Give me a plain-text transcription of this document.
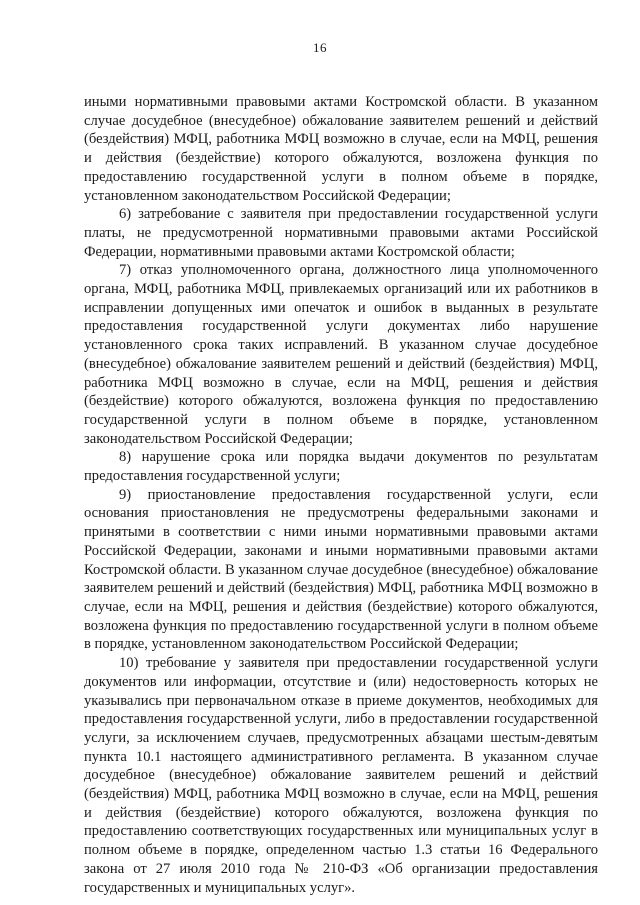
16

иными нормативными правовыми актами Костромской области. В указанном случае досудебное (внесудебное) обжалование заявителем решений и действий (бездействия) МФЦ, работника МФЦ возможно в случае, если на МФЦ, решения и действия (бездействие) которого обжалуются, возложена функция по предоставлению государственной услуги в полном объеме в порядке, установленном законодательством Российской Федерации;

6) затребование с заявителя при предоставлении государственной услуги платы, не предусмотренной нормативными правовыми актами Российской Федерации, нормативными правовыми актами Костромской области;

7) отказ уполномоченного органа, должностного лица уполномоченного органа, МФЦ, работника МФЦ, привлекаемых организаций или их работников в исправлении допущенных ими опечаток и ошибок в выданных в результате предоставления государственной услуги документах либо нарушение установленного срока таких исправлений. В указанном случае досудебное (внесудебное) обжалование заявителем решений и действий (бездействия) МФЦ, работника МФЦ возможно в случае, если на МФЦ, решения и действия (бездействие) которого обжалуются, возложена функция по предоставлению государственной услуги в полном объеме в порядке, установленном законодательством Российской Федерации;

8) нарушение срока или порядка выдачи документов по результатам предоставления государственной услуги;

9) приостановление предоставления государственной услуги, если основания приостановления не предусмотрены федеральными законами и принятыми в соответствии с ними иными нормативными правовыми актами Российской Федерации, законами и иными нормативными правовыми актами Костромской области. В указанном случае досудебное (внесудебное) обжалование заявителем решений и действий (бездействия) МФЦ, работника МФЦ возможно в случае, если на МФЦ, решения и действия (бездействие) которого обжалуются, возложена функция по предоставлению государственной услуги в полном объеме в порядке, установленном законодательством Российской Федерации;

10) требование у заявителя при предоставлении государственной услуги документов или информации, отсутствие и (или) недостоверность которых не указывались при первоначальном отказе в приеме документов, необходимых для предоставления государственной услуги, либо в предоставлении государственной услуги, за исключением случаев, предусмотренных абзацами шестым-девятым пункта 10.1 настоящего административного регламента. В указанном случае досудебное (внесудебное) обжалование заявителем решений и действий (бездействия) МФЦ, работника МФЦ возможно в случае, если на МФЦ, решения и действия (бездействие) которого обжалуются, возложена функция по предоставлению соответствующих государственных или муниципальных услуг в полном объеме в порядке, определенном частью 1.3 статьи 16 Федерального закона от 27 июля 2010 года № 210-ФЗ «Об организации предоставления государственных и муниципальных услуг».
